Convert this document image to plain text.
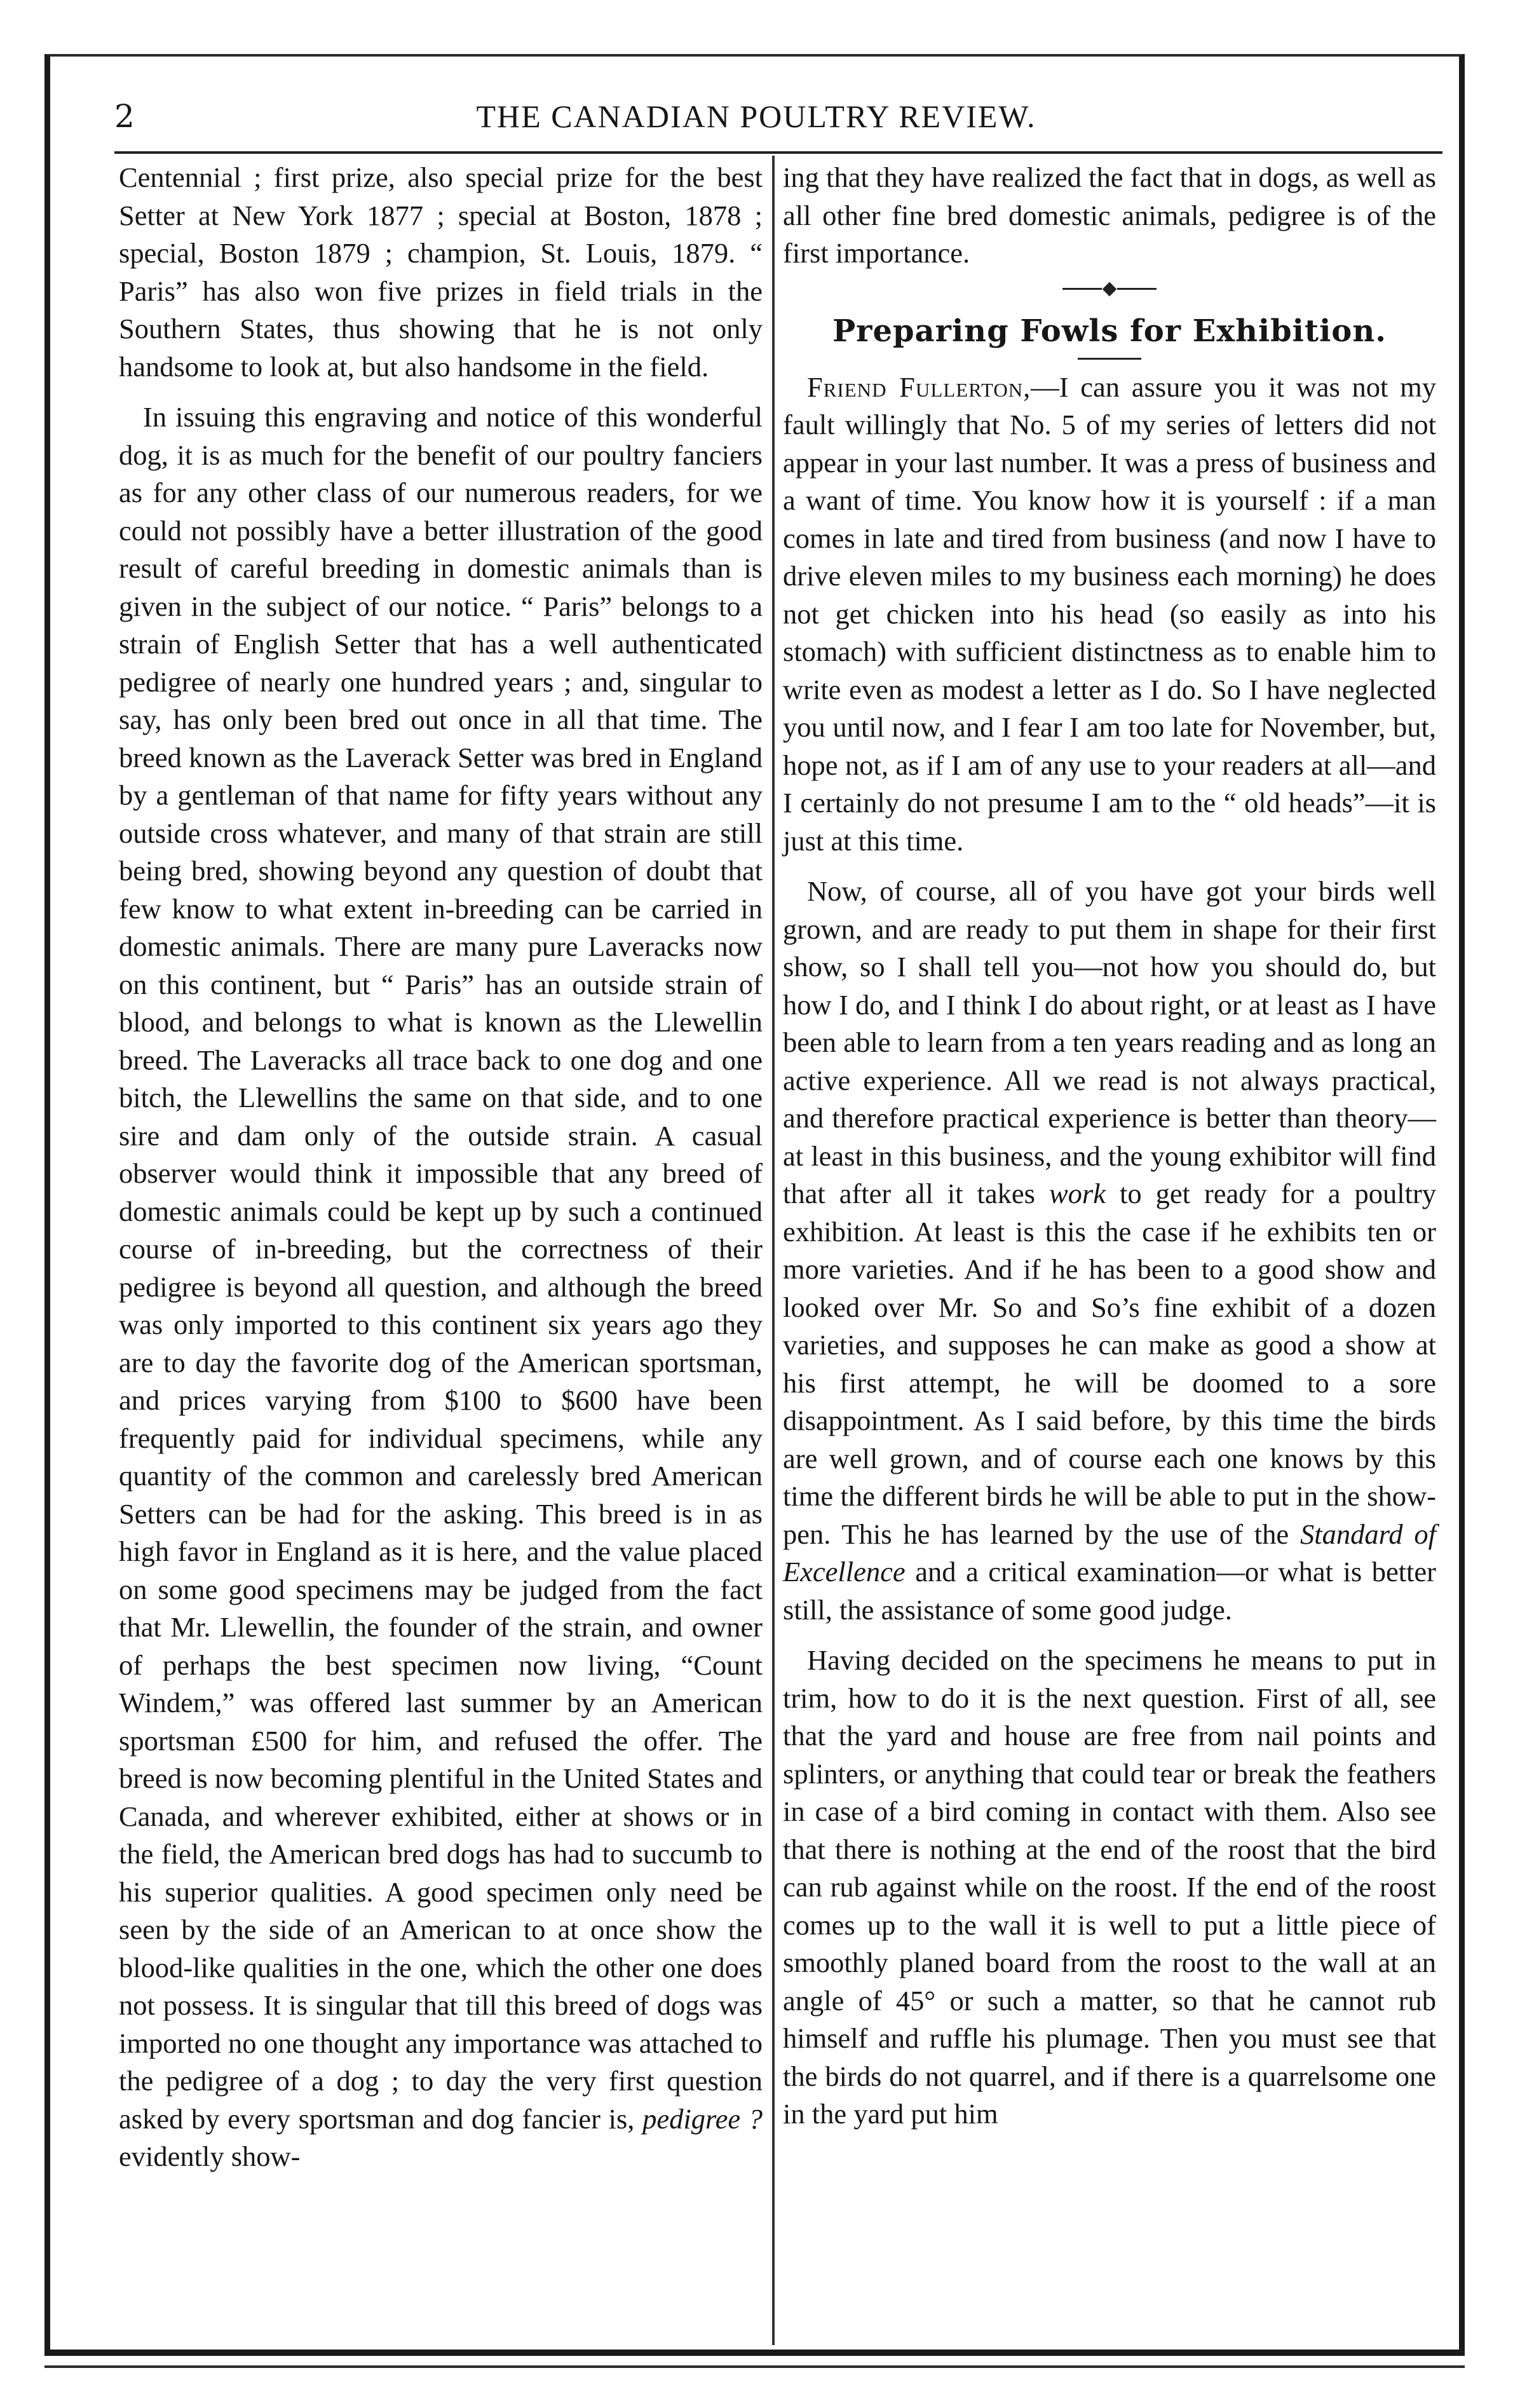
2	THE CANADIAN POULTRY REVIEW.

Centennial ; first prize, also special prize for the best Setter at New York 1877 ; special at Boston, 1878 ; special, Boston 1879 ; champion, St. Louis, 1879. “ Paris” has also won five prizes in field trials in the Southern States, thus showing that he is not only handsome to look at, but also handsome in the field.

In issuing this engraving and notice of this wonderful dog, it is as much for the benefit of our poultry fanciers as for any other class of our numerous readers, for we could not possibly have a better illustration of the good result of careful breeding in domestic animals than is given in the subject of our notice. “ Paris” belongs to a strain of English Setter that has a well authenticated pedigree of nearly one hundred years ; and, singular to say, has only been bred out once in all that time. The breed known as the Laverack Setter was bred in England by a gentleman of that name for fifty years without any outside cross whatever, and many of that strain are still being bred, showing beyond any question of doubt that few know to what extent in-breeding can be carried in domestic animals. There are many pure Laveracks now on this continent, but “ Paris” has an outside strain of blood, and belongs to what is known as the Llewellin breed. The Laveracks all trace back to one dog and one bitch, the Llewellins the same on that side, and to one sire and dam only of the outside strain. A casual observer would think it impossible that any breed of domestic animals could be kept up by such a continued course of in-breeding, but the correctness of their pedigree is beyond all question, and although the breed was only imported to this continent six years ago they are to day the favorite dog of the American sportsman, and prices varying from $100 to $600 have been frequently paid for individual specimens, while any quantity of the common and carelessly bred American Setters can be had for the asking. This breed is in as high favor in England as it is here, and the value placed on some good specimens may be judged from the fact that Mr. Llewellin, the founder of the strain, and owner of perhaps the best specimen now living, “Count Windem,” was offered last summer by an American sportsman £500 for him, and refused the offer. The breed is now becoming plentiful in the United States and Canada, and wherever exhibited, either at shows or in the field, the American bred dogs has had to succumb to his superior qualities. A good specimen only need be seen by the side of an American to at once show the blood-like qualities in the one, which the other one does not possess. It is singular that till this breed of dogs was imported no one thought any importance was attached to the pedigree of a dog ; to day the very first question asked by every sportsman and dog fancier is, pedigree ? evidently show-

ing that they have realized the fact that in dogs, as well as all other fine bred domestic animals, pedigree is of the first importance.

Preparing Fowls for Exhibition.

Friend Fullerton,—I can assure you it was not my fault willingly that No. 5 of my series of letters did not appear in your last number. It was a press of business and a want of time. You know how it is yourself : if a man comes in late and tired from business (and now I have to drive eleven miles to my business each morning) he does not get chicken into his head (so easily as into his stomach) with sufficient distinctness as to enable him to write even as modest a letter as I do. So I have neglected you until now, and I fear I am too late for November, but, hope not, as if I am of any use to your readers at all—and I certainly do not presume I am to the “ old heads”—it is just at this time.

Now, of course, all of you have got your birds well grown, and are ready to put them in shape for their first show, so I shall tell you—not how you should do, but how I do, and I think I do about right, or at least as I have been able to learn from a ten years reading and as long an active experience. All we read is not always practical, and therefore practical experience is better than theory—at least in this business, and the young exhibitor will find that after all it takes work to get ready for a poultry exhibition. At least is this the case if he exhibits ten or more varieties. And if he has been to a good show and looked over Mr. So and So’s fine exhibit of a dozen varieties, and supposes he can make as good a show at his first attempt, he will be doomed to a sore disappointment. As I said before, by this time the birds are well grown, and of course each one knows by this time the different birds he will be able to put in the show-pen. This he has learned by the use of the Standard of Excellence and a critical examination—or what is better still, the assistance of some good judge.

Having decided on the specimens he means to put in trim, how to do it is the next question. First of all, see that the yard and house are free from nail points and splinters, or anything that could tear or break the feathers in case of a bird coming in contact with them. Also see that there is nothing at the end of the roost that the bird can rub against while on the roost. If the end of the roost comes up to the wall it is well to put a little piece of smoothly planed board from the roost to the wall at an angle of 45° or such a matter, so that he cannot rub himself and ruffle his plumage. Then you must see that the birds do not quarrel, and if there is a quarrelsome one in the yard put him
